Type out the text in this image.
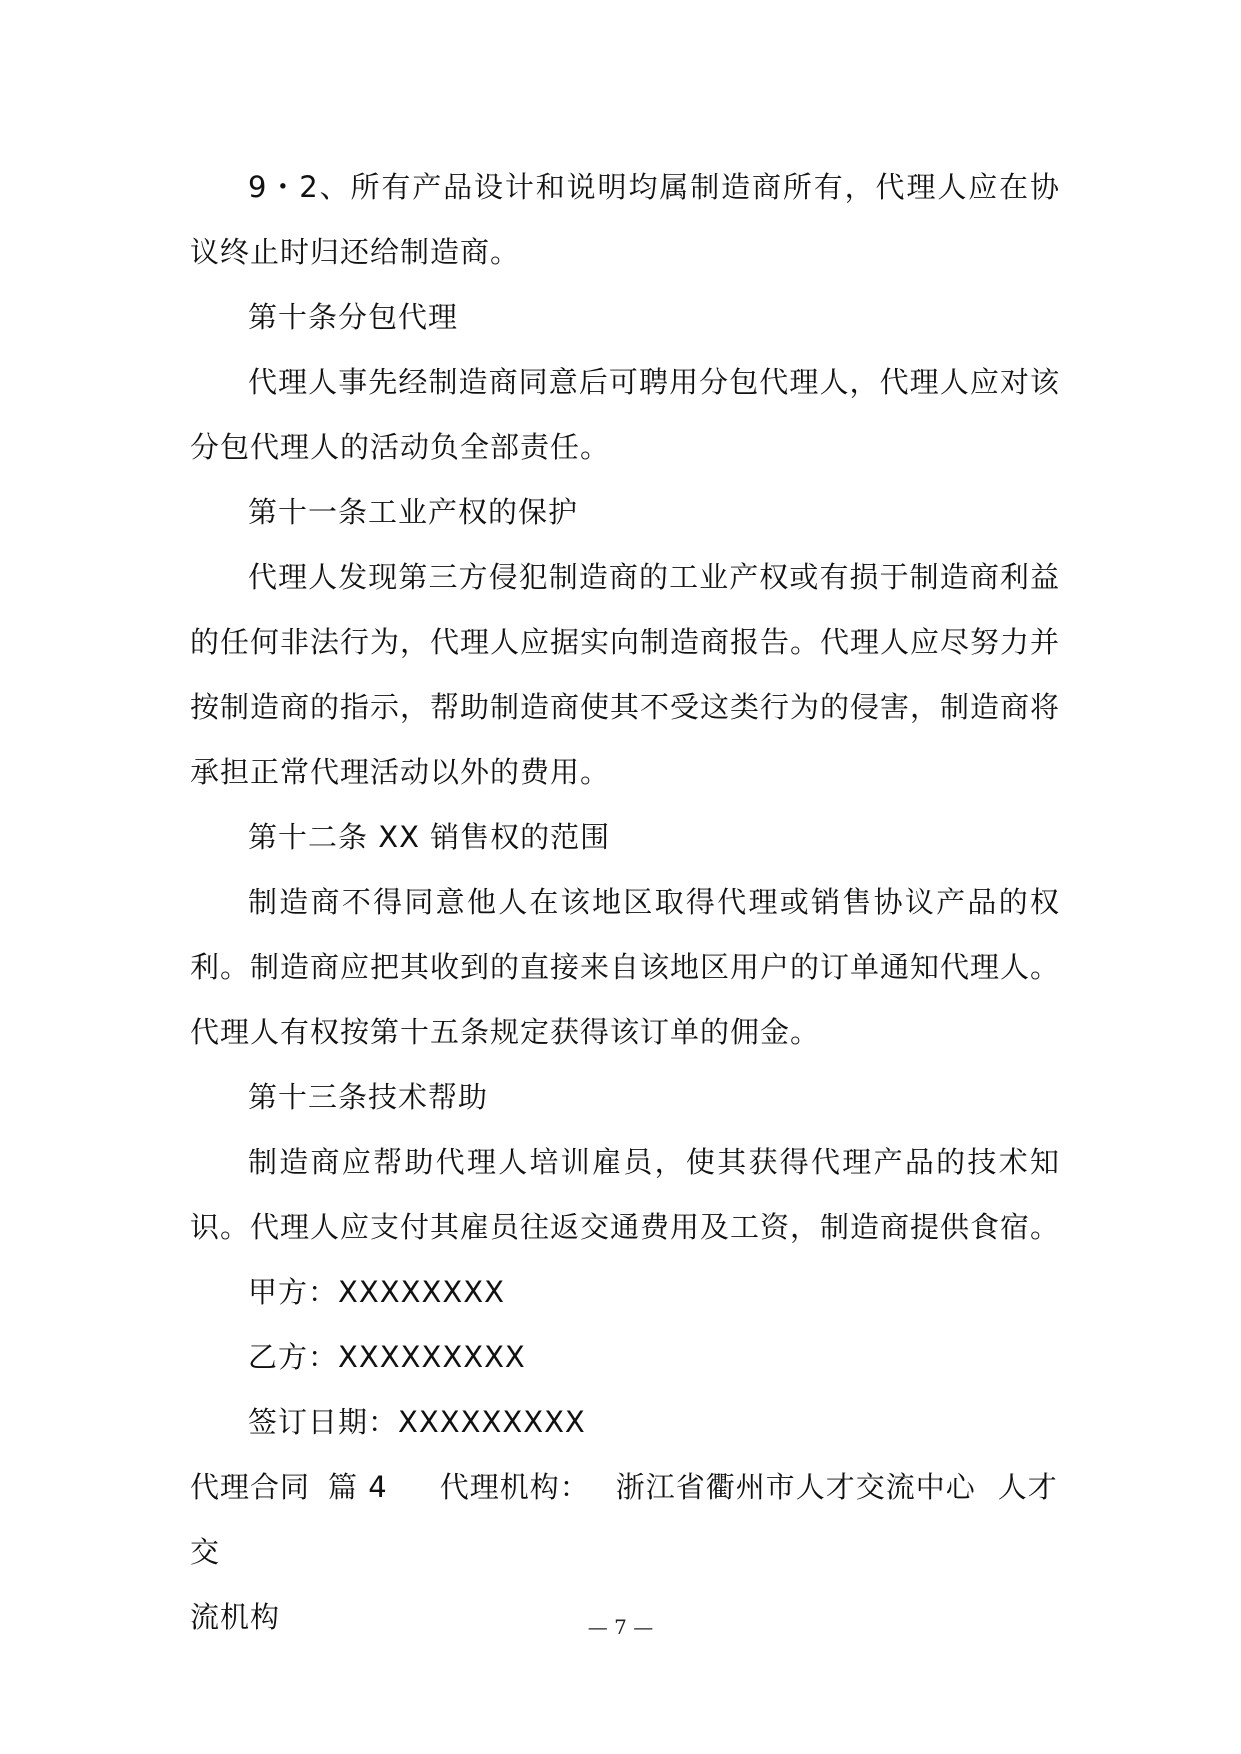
9・2、所有产品设计和说明均属制造商所有，代理人应在协议终止时归还给制造商。

第十条分包代理

代理人事先经制造商同意后可聘用分包代理人，代理人应对该分包代理人的活动负全部责任。

第十一条工业产权的保护

代理人发现第三方侵犯制造商的工业产权或有损于制造商利益的任何非法行为，代理人应据实向制造商报告。代理人应尽努力并按制造商的指示，帮助制造商使其不受这类行为的侵害，制造商将承担正常代理活动以外的费用。

第十二条 XX 销售权的范围

制造商不得同意他人在该地区取得代理或销售协议产品的权利。制造商应把其收到的直接来自该地区用户的订单通知代理人。代理人有权按第十五条规定获得该订单的佣金。

第十三条技术帮助

制造商应帮助代理人培训雇员，使其获得代理产品的技术知识。代理人应支付其雇员往返交通费用及工资，制造商提供食宿。

甲方：XXXXXXXX

乙方：XXXXXXXXX

签订日期：XXXXXXXXX

代理合同 篇 4 代理机构： 浙江省衢州市人才交流中心 人才交

流机构	— 7 —
